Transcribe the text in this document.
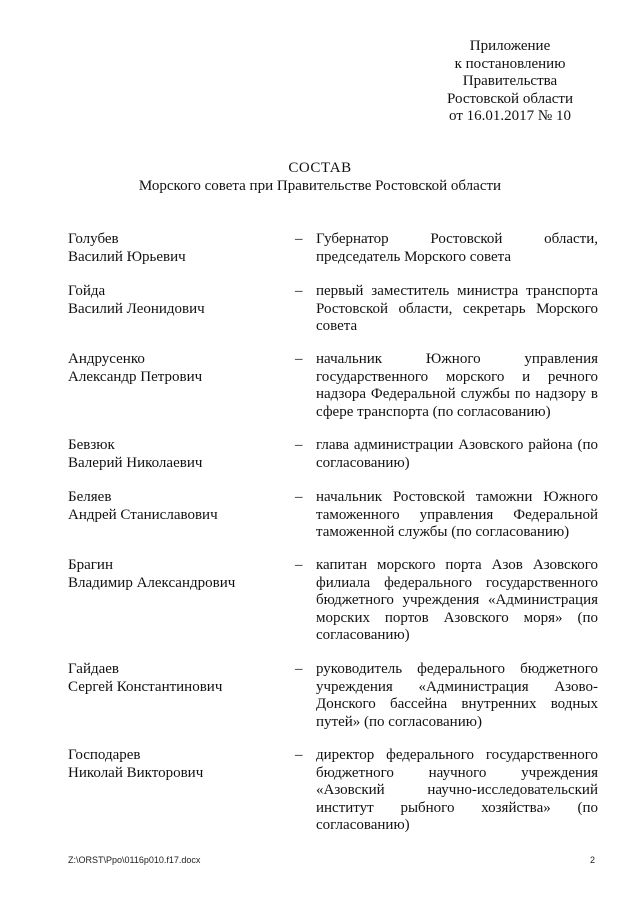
Приложение
к постановлению
Правительства
Ростовской области
от 16.01.2017 № 10
СОСТАВ
Морского совета при Правительстве Ростовской области
Голубев
Василий Юрьевич
– Губернатор Ростовской области, председатель Морского совета
Гойда
Василий Леонидович
– первый заместитель министра транспорта Ростовской области, секретарь Морского совета
Андрусенко
Александр Петрович
– начальник Южного управления государственного морского и речного надзора Федеральной службы по надзору в сфере транспорта (по согласованию)
Бевзюк
Валерий Николаевич
– глава администрации Азовского района (по согласованию)
Беляев
Андрей Станиславович
– начальник Ростовской таможни Южного таможенного управления Федеральной таможенной службы (по согласованию)
Брагин
Владимир Александрович
– капитан морского порта Азов Азовского филиала федерального государственного бюджетного учреждения «Администрация морских портов Азовского моря» (по согласованию)
Гайдаев
Сергей Константинович
– руководитель федерального бюджетного учреждения «Администрация Азово-Донского бассейна внутренних водных путей» (по согласованию)
Господарев
Николай Викторович
– директор федерального государственного бюджетного научного учреждения «Азовский научно-исследовательский институт рыбного хозяйства» (по согласованию)
Z:\ORST\Ppo\0116p010.f17.docx	2
